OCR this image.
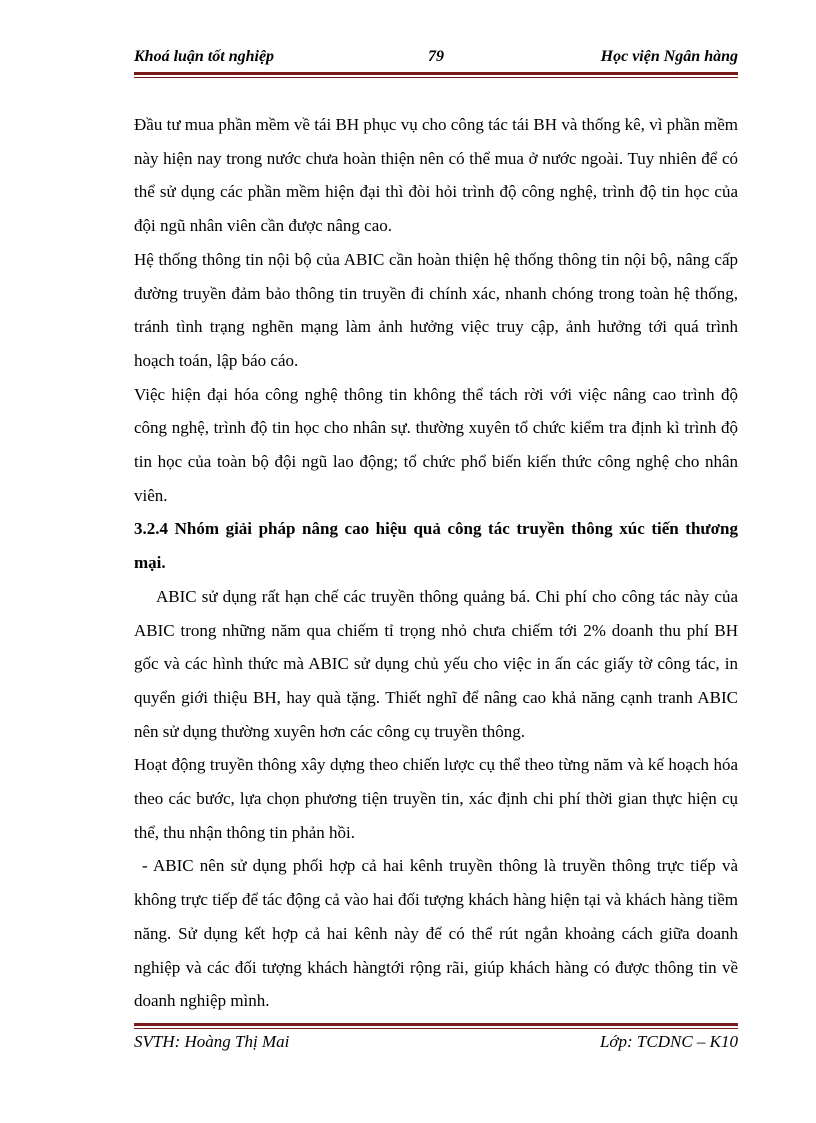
Khoá luận tốt nghiệp	79	Học viện Ngân hàng

Đầu tư mua phần mềm về tái BH phục vụ cho công tác tái BH và thống kê, vì phần mềm này hiện nay trong nước chưa hoàn thiện nên có thể mua ở nước ngoài. Tuy nhiên để có thể sử dụng các phần mềm hiện đại thì đòi hỏi trình độ công nghệ, trình độ tin học của đội ngũ nhân viên cần được nâng cao.

Hệ thống thông tin nội bộ của ABIC cần hoàn thiện hệ thống thông tin nội bộ, nâng cấp đường truyền đảm bảo thông tin truyền đi chính xác, nhanh chóng trong toàn hệ thống, tránh tình trạng nghẽn mạng làm ảnh hưởng việc truy cập, ảnh hưởng tới quá trình hoạch toán, lập báo cáo.

Việc hiện đại hóa công nghệ thông tin không thể tách rời với việc nâng cao trình độ công nghệ, trình độ tin học cho nhân sự. thường xuyên tổ chức kiểm tra định kì trình độ tin học của toàn bộ đội ngũ lao động; tổ chức phổ biến kiến thức công nghệ cho nhân viên.

3.2.4 Nhóm giải pháp nâng cao hiệu quả công tác truyền thông xúc tiến thương mại.

ABIC sử dụng rất hạn chế các truyền thông quảng bá. Chi phí cho công tác này của ABIC trong những năm qua chiếm tỉ trọng nhỏ chưa chiếm tới 2% doanh thu phí BH gốc và các hình thức mà ABIC sử dụng chủ yếu cho việc in ấn các giấy tờ công tác, in quyển giới thiệu BH, hay quà tặng. Thiết nghĩ để nâng cao khả năng cạnh tranh ABIC nên sử dụng thường xuyên hơn các công cụ truyền thông.

Hoạt động truyền thông xây dựng theo chiến lược cụ thể theo từng năm và kế hoạch hóa theo các bước, lựa chọn phương tiện truyền tin, xác định chi phí thời gian thực hiện cụ thể, thu nhận thông tin phản hồi.

- ABIC nên sử dụng phối hợp cả hai kênh truyền thông là truyền thông trực tiếp và không trực tiếp để tác động cả vào hai đối tượng khách hàng hiện tại và khách hàng tiềm năng. Sử dụng kết hợp cả hai kênh này để có thể rút ngắn khoảng cách giữa doanh nghiệp và các đối tượng khách hàngtới rộng rãi, giúp khách hàng có được thông tin về doanh nghiệp mình.

SVTH: Hoàng Thị Mai	Lớp: TCDNC – K10
